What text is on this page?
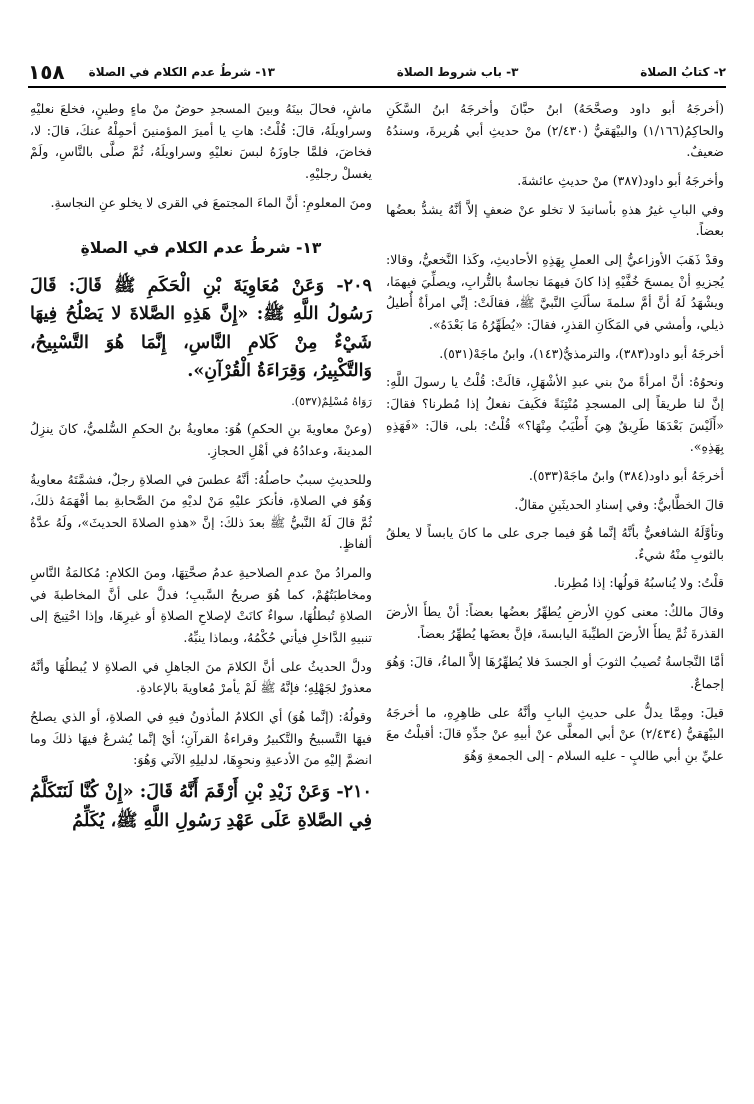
٢- كتابُ الصلاة
٣- باب شروط الصلاة
١٣- شرطُ عدم الكلام في الصلاة
١٥٨

(أخرجَهُ أبو داود وصحَّحَهُ) ابنُ حبَّانَ وأخرجَهُ ابنُ السَّكَنِ والحاكِمُ(١/١٦٦) والبيْهَقيُّ (٢/٤٣٠) منْ حديثِ أبي هُريرةَ، وسندُهُ ضعيفٌ.

وأخرجَهُ أبو داود(٣٨٧) منْ حديثِ عائشةَ.

وفي البابِ غيرُ هذهِ بأسانيدَ لا تخلو عنْ ضعفٍ إلاَّ أنَّهُ يشدُّ بعضُها بعضاً.

وقدْ ذَهَبَ الأوزاعيُّ إلى العملِ بِهَذِهِ الأحاديثِ، وكَذا النَّخعيُّ، وقالا: يُجزيهِ أنْ يمسحَ خُفَّيْهِ إذا كانَ فيهمَا نجاسةٌ بالتُّرابِ، ويصلِّيَ فيهمَا، ويشْهَدُ لَهُ أنَّ أمَّ سلمةَ سألَتِ النَّبيَّ ﷺ، فقالَتْ: إنِّي امرأةٌ أُطيلُ ذيلي، وأمشي في المَكَانِ القذرِ، فقالَ: «يُطَهِّرُهُ مَا بَعْدَهُ».

أخرجَهُ أبو داود(٣٨٣)، والترمذيُّ(١٤٣)، وابنُ ماجَهْ(٥٣١).

ونحوُهُ: أنَّ امرأةً منْ بني عبدِ الأشْهَلِ، قالَتْ: قُلْتُ يا رسولَ اللَّهِ: إنَّ لنا طريقاً إلى المسجدِ مُنْتِنَةً فكَيفَ نفعلُ إذا مُطرنا؟ فقالَ: «أَلَيْسَ بَعْدَهَا طَرِيقٌ هِيَ أَطْيَبُ مِنْهَا؟» قُلْتُ: بلى، قالَ: «فَهَذِهِ بِهَذِهِ».

أخرجَهُ أبو داود(٣٨٤) وابنُ ماجَهْ(٥٣٣).

قالَ الخطَّابيُّ: وفي إسنادِ الحديثَينِ مقالٌ.

وتأوَّلَهُ الشافعيُّ بأنَّهُ إنَّما هُوَ فيما جرى على ما كانَ يابساً لا يعلقُ بالثوبِ منْهُ شيءٌ.

قلْتُ: ولا يُناسبُهُ قولُها: إذا مُطِرنا.

وقالَ مالكٌ: معنى كونِ الأرضِ يُطهِّرُ بعضُها بعضاً: أنْ يطأَ الأرضَ القذرةَ ثُمَّ يطأَ الأرضَ الطيِّبةَ اليابسةَ، فإنَّ بعضَها يُطهِّرُ بعضاً.

أمَّا النَّجاسةُ تُصيبُ الثوبَ أو الجسدَ فلا يُطهِّرُهَا إلاَّ الماءُ، قالَ: وَهُوَ إجماعٌ.

قيلَ: ومِمَّا يدلُّ على حديثِ البابِ وأنَّهُ على ظاهِرِهِ، ما أخرجَهُ البيْهَقيُّ (٢/٤٣٤) عنْ أبي المعلَّى عنْ أبيهِ عنْ جدِّهِ قالَ: أقبلْتُ معَ عليِّ بنِ أبي طالبٍ - عليه السلام - إلى الجمعةِ وَهُوَ

ماشٍ، فحالَ بينَهُ وبينَ المسجدِ حوضٌ منْ ماءٍ وطينٍ، فخلعَ نعليْهِ وسراويلَهُ، قالَ: قُلْتُ: هاتِ يا أميرَ المؤمنينَ أحمِلْهُ عنكَ، قالَ: لا، فخاضَ، فلمَّا جاوزَهُ لبسَ نعليْهِ وسراويلَهُ، ثُمَّ صلَّى بالنَّاسِ، ولَمْ يغسلْ رجليْهِ.

ومنَ المعلومِ: أنَّ الماءَ المجتمعَ في القرى لا يخلو عنِ النجاسةِ.

١٣- شرطُ عدم الكلام في الصلاةِ

٢٠٩- وَعَنْ مُعَاوِيَةَ بْنِ الْحَكَمِ ﷺ قَالَ: قَالَ رَسُولُ اللَّهِ ﷺ: «إِنَّ هَذِهِ الصَّلاةَ لا يَصْلُحُ فِيهَا شَيْءٌ مِنْ كَلامِ النَّاسِ، إِنَّمَا هُوَ التَّسْبِيحُ، وَالتَّكْبِيرُ، وَقِرَاءَةُ الْقُرْآنِ».

رَوَاهُ مُسْلِمٌ(٥٣٧).

(وعنْ معاويةَ بنِ الحكمِ) هُوَ: معاويةُ بنُ الحكمِ السُّلميُّ، كانَ ينزِلُ المدينةَ، وعدادُهُ في أهْلِ الحجازِ.

وللحديثِ سببٌ حاصلُهُ: أنَّهُ عطسَ في الصلاةِ رجلٌ، فشمَّتَهُ معاويةُ وَهُوَ في الصلاةِ، فأنكرَ عليْهِ مَنْ لديْهِ منَ الصَّحابةِ بما أفْهَمَهُ ذلكَ، ثُمَّ قالَ لَهُ النَّبيُّ ﷺ بعدَ ذلكَ: إنَّ «هذهِ الصلاةَ الحديثَ»، ولَهُ عدَّةُ ألفاظٍ.

والمرادُ منْ عدمِ الصلاحيةِ عدمُ صحَّتِهَا، ومنَ الكلامِ: مُكالمَةُ النَّاسِ ومخاطبَتُهُمْ، كما هُوَ صريحُ السَّببِ؛ فدلَّ على أنَّ المخاطبةَ في الصلاةِ تُبطلُهَا، سواءٌ كانَتْ لإصلاحِ الصلاةِ أو غيرِهَا، وإذا احْتِيجَ إلى تنبيهِ الدَّاخلِ فيأتي حُكْمُهُ، وبماذا ينبِّهُ.

ودلَّ الحديثُ على أنَّ الكلامَ منَ الجاهلِ في الصلاةِ لا يُبطلُهَا وأنَّهُ معذورٌ لجَهْلِهِ؛ فإنَّهُ ﷺ لَمْ يأمرْ مُعاويةَ بالإعادةِ.

وقولُهُ: (إنَّما هُوَ) أي الكلامُ المأذونُ فيهِ في الصلاةِ، أو الذي يصلحُ فيهَا التَّسبيحُ والتَّكبيرُ وقراءةُ القرآنِ؛ أيْ إنَّما يُشرعُ فيهَا ذلكَ وما انضمَّ إليْهِ منَ الأدعيةِ ونحوِهَا، لدليلِهِ الآتي وَهُوَ:

٢١٠- وَعَنْ زَيْدِ بْنِ أَرْقَمَ أَنَّهُ قَالَ: «إِنْ كُنَّا لَنَتَكَلَّمُ فِي الصَّلاةِ عَلَى عَهْدِ رَسُولِ اللَّهِ ﷺ، يُكَلِّمُ
